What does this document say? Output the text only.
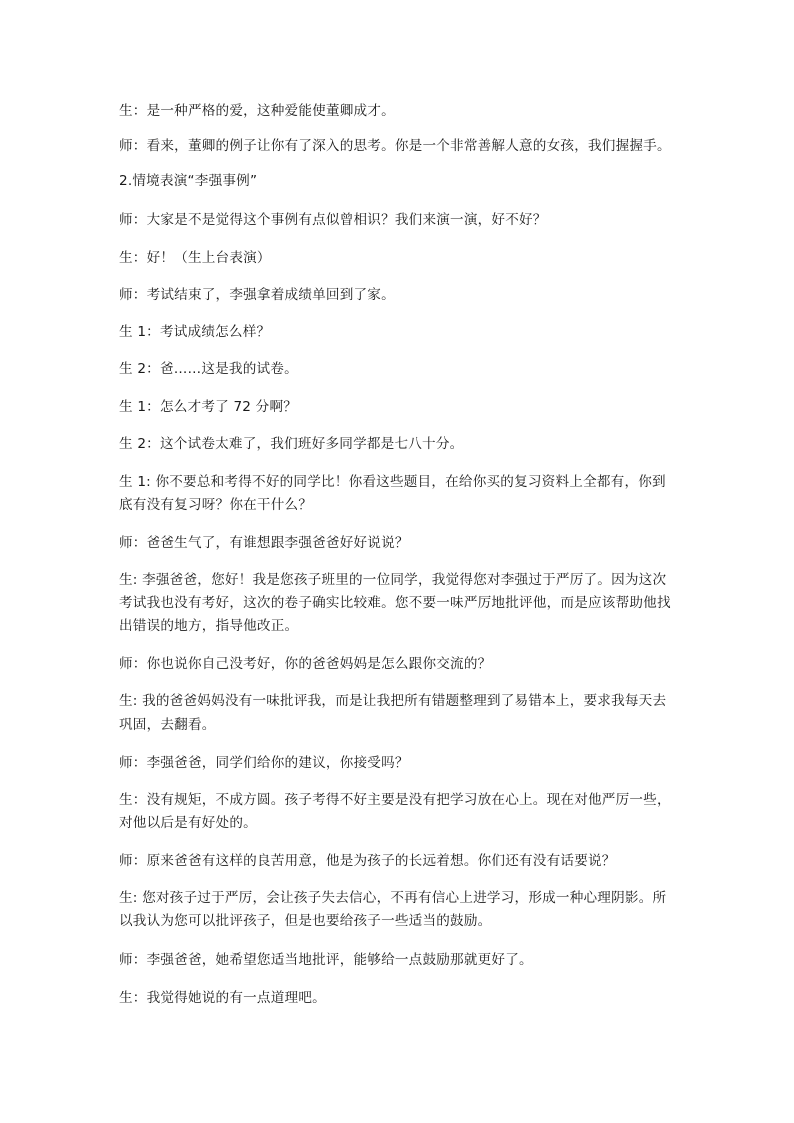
生：是一种严格的爱，这种爱能使董卿成才。
师：看来，董卿的例子让你有了深入的思考。你是一个非常善解人意的女孩，我们握握手。
2.情境表演“李强事例”
师：大家是不是觉得这个事例有点似曾相识？我们来演一演，好不好？
生：好！（生上台表演）
师：考试结束了，李强拿着成绩单回到了家。
生 1：考试成绩怎么样？
生 2：爸……这是我的试卷。
生 1：怎么才考了 72 分啊？
生 2：这个试卷太难了，我们班好多同学都是七八十分。
生 1: 你不要总和考得不好的同学比！你看这些题目，在给你买的复习资料上全都有，你到
底有没有复习呀？你在干什么？
师：爸爸生气了，有谁想跟李强爸爸好好说说？
生: 李强爸爸，您好！我是您孩子班里的一位同学，我觉得您对李强过于严厉了。因为这次
考试我也没有考好，这次的卷子确实比较难。您不要一味严厉地批评他，而是应该帮助他找
出错误的地方，指导他改正。
师：你也说你自己没考好，你的爸爸妈妈是怎么跟你交流的？
生: 我的爸爸妈妈没有一味批评我，而是让我把所有错题整理到了易错本上，要求我每天去
巩固，去翻看。
师：李强爸爸，同学们给你的建议，你接受吗？
生：没有规矩，不成方圆。孩子考得不好主要是没有把学习放在心上。现在对他严厉一些，
对他以后是有好处的。
师：原来爸爸有这样的良苦用意，他是为孩子的长远着想。你们还有没有话要说？
生: 您对孩子过于严厉，会让孩子失去信心，不再有信心上进学习，形成一种心理阴影。所
以我认为您可以批评孩子，但是也要给孩子一些适当的鼓励。
师：李强爸爸，她希望您适当地批评，能够给一点鼓励那就更好了。
生：我觉得她说的有一点道理吧。
